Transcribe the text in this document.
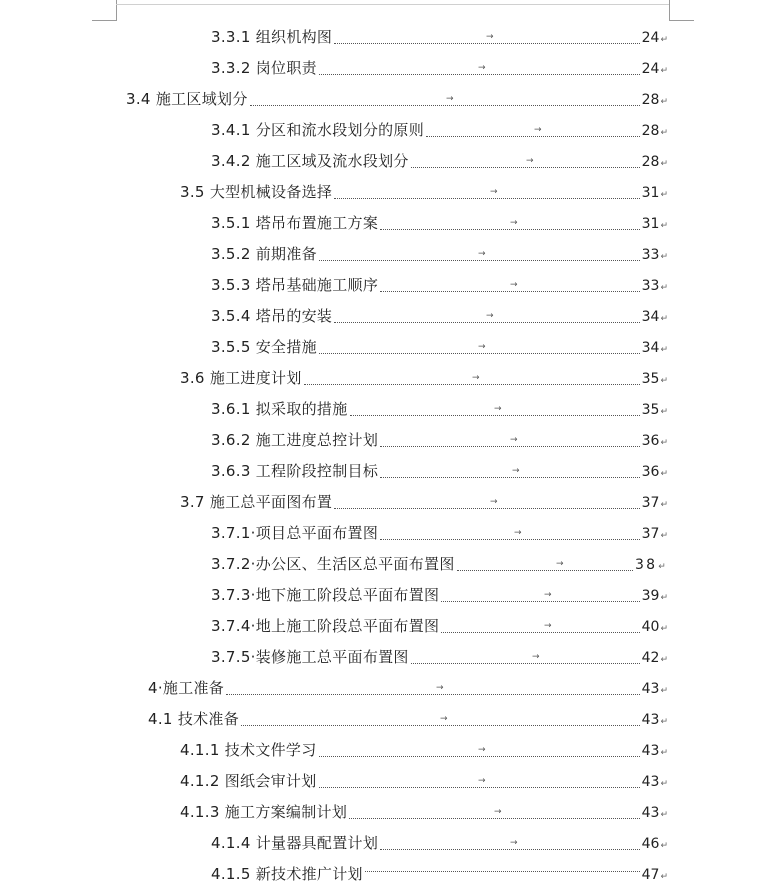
3.3.1 组织机构图	24↵
→
3.3.2 岗位职责	24↵
→
3.4 施工区域划分	28↵
→
3.4.1 分区和流水段划分的原则	28↵
→
3.4.2 施工区域及流水段划分	28↵
→
3.5 大型机械设备选择	31↵
→
3.5.1 塔吊布置施工方案	31↵
→
3.5.2 前期准备	33↵
→
3.5.3 塔吊基础施工顺序	33↵
→
3.5.4 塔吊的安装	34↵
→
3.5.5 安全措施	34↵
→
3.6 施工进度计划	35↵
→
3.6.1 拟采取的措施	35↵
→
3.6.2 施工进度总控计划	36↵
→
3.6.3 工程阶段控制目标	36↵
→
3.7 施工总平面图布置	37↵
→
3.7.1·项目总平面布置图	37↵
→
3.7.2·办公区、生活区总平面布置图	38↵
→
3.7.3·地下施工阶段总平面布置图	39↵
→
3.7.4·地上施工阶段总平面布置图	40↵
→
3.7.5·装修施工总平面布置图	42↵
→
4·施工准备	43↵
→
4.1 技术准备	43↵
→
4.1.1 技术文件学习	43↵
→
4.1.2 图纸会审计划	43↵
→
4.1.3 施工方案编制计划	43↵
→
4.1.4 计量器具配置计划	46↵
→
4.1.5 新技术推广计划	47↵
